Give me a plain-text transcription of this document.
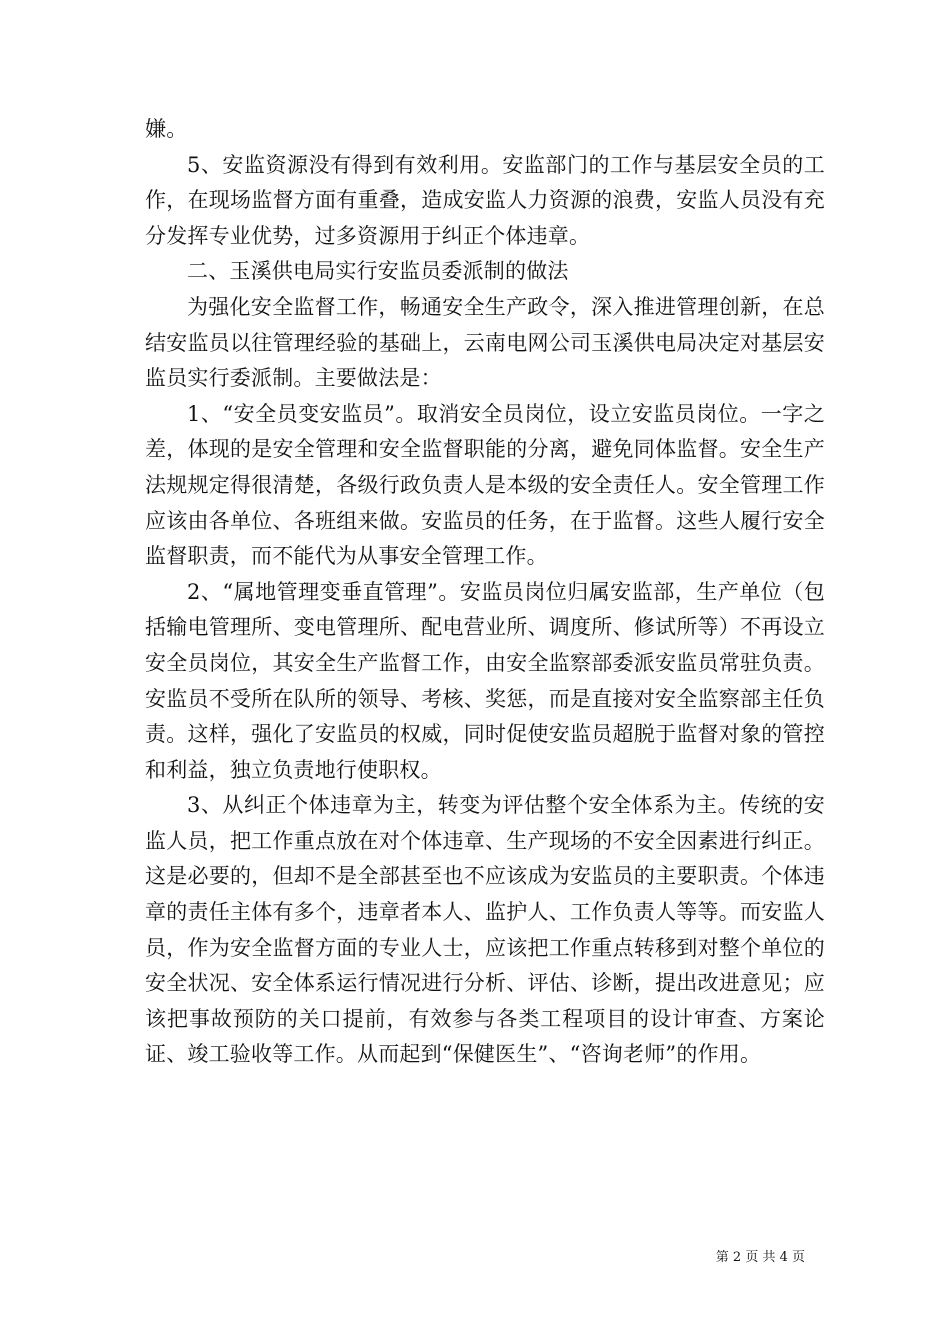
嫌。

5、安监资源没有得到有效利用。安监部门的工作与基层安全员的工作，在现场监督方面有重叠，造成安监人力资源的浪费，安监人员没有充分发挥专业优势，过多资源用于纠正个体违章。

二、玉溪供电局实行安监员委派制的做法

为强化安全监督工作，畅通安全生产政令，深入推进管理创新，在总结安监员以往管理经验的基础上，云南电网公司玉溪供电局决定对基层安监员实行委派制。主要做法是：

1、“安全员变安监员”。取消安全员岗位，设立安监员岗位。一字之差，体现的是安全管理和安全监督职能的分离，避免同体监督。安全生产法规规定得很清楚，各级行政负责人是本级的安全责任人。安全管理工作应该由各单位、各班组来做。安监员的任务，在于监督。这些人履行安全监督职责，而不能代为从事安全管理工作。

2、“属地管理变垂直管理”。安监员岗位归属安监部，生产单位（包括输电管理所、变电管理所、配电营业所、调度所、修试所等）不再设立安全员岗位，其安全生产监督工作，由安全监察部委派安监员常驻负责。安监员不受所在队所的领导、考核、奖惩，而是直接对安全监察部主任负责。这样，强化了安监员的权威，同时促使安监员超脱于监督对象的管控和利益，独立负责地行使职权。

3、从纠正个体违章为主，转变为评估整个安全体系为主。传统的安监人员，把工作重点放在对个体违章、生产现场的不安全因素进行纠正。这是必要的，但却不是全部甚至也不应该成为安监员的主要职责。个体违章的责任主体有多个，违章者本人、监护人、工作负责人等等。而安监人员，作为安全监督方面的专业人士，应该把工作重点转移到对整个单位的安全状况、安全体系运行情况进行分析、评估、诊断，提出改进意见；应该把事故预防的关口提前，有效参与各类工程项目的设计审查、方案论证、竣工验收等工作。从而起到“保健医生”、“咨询老师”的作用。

第 2 页 共 4 页
